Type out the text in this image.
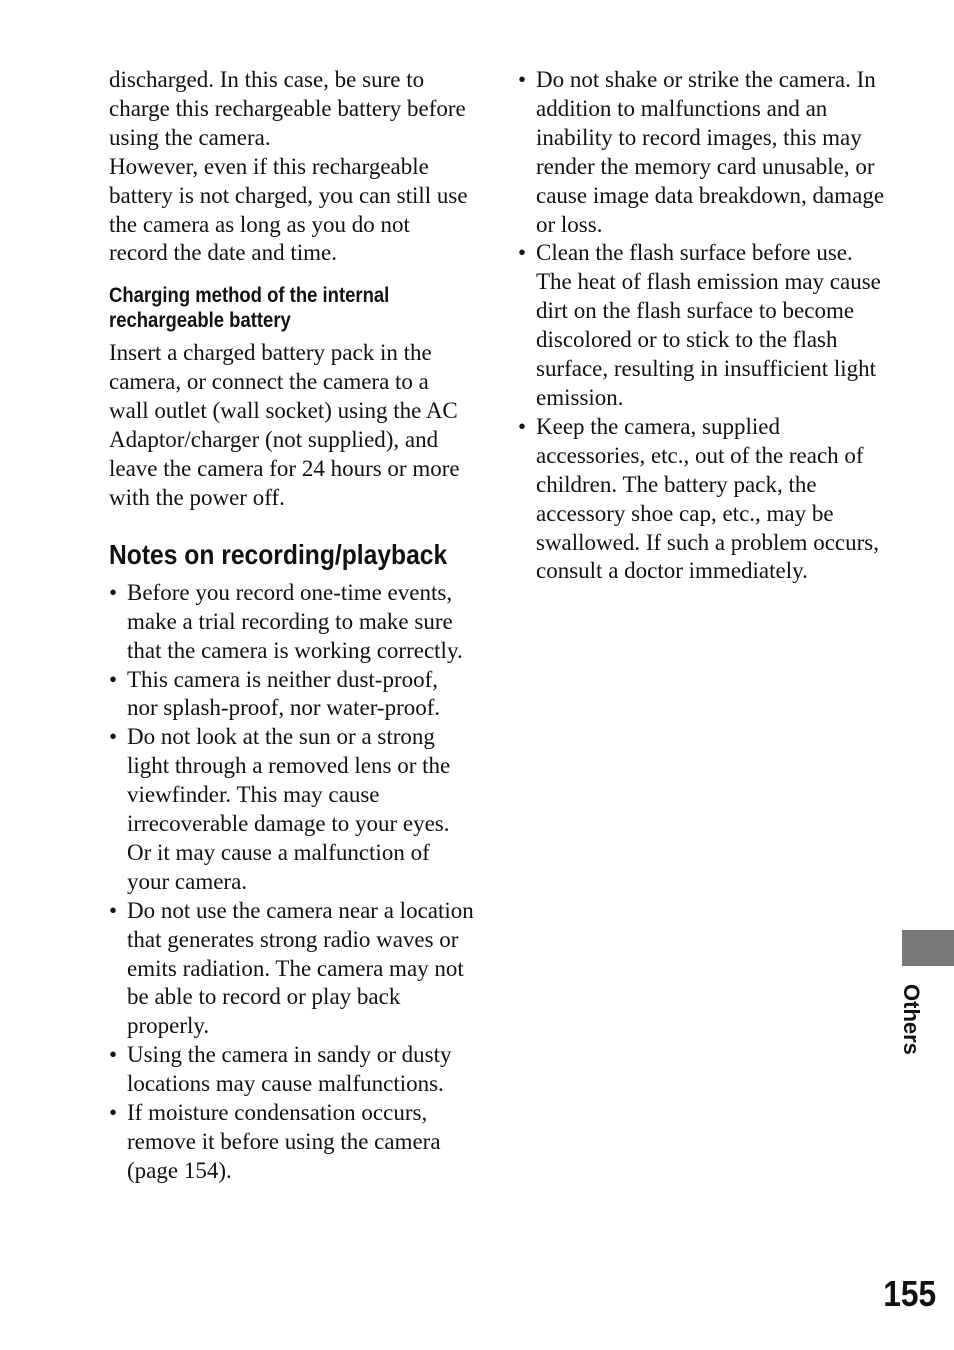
discharged. In this case, be sure to charge this rechargeable battery before using the camera.

However, even if this rechargeable battery is not charged, you can still use the camera as long as you do not record the date and time.

Charging method of the internal rechargeable battery

Insert a charged battery pack in the camera, or connect the camera to a wall outlet (wall socket) using the AC Adaptor/charger (not supplied), and leave the camera for 24 hours or more with the power off.

Notes on recording/playback
• Before you record one-time events, make a trial recording to make sure that the camera is working correctly.
• This camera is neither dust-proof, nor splash-proof, nor water-proof.
• Do not look at the sun or a strong light through a removed lens or the viewfinder. This may cause irrecoverable damage to your eyes. Or it may cause a malfunction of your camera.
• Do not use the camera near a location that generates strong radio waves or emits radiation. The camera may not be able to record or play back properly.
• Using the camera in sandy or dusty locations may cause malfunctions.
• If moisture condensation occurs, remove it before using the camera (page 154).
• Do not shake or strike the camera. In addition to malfunctions and an inability to record images, this may render the memory card unusable, or cause image data breakdown, damage or loss.
• Clean the flash surface before use. The heat of flash emission may cause dirt on the flash surface to become discolored or to stick to the flash surface, resulting in insufficient light emission.
• Keep the camera, supplied accessories, etc., out of the reach of children. The battery pack, the accessory shoe cap, etc., may be swallowed. If such a problem occurs, consult a doctor immediately.
Others
155
